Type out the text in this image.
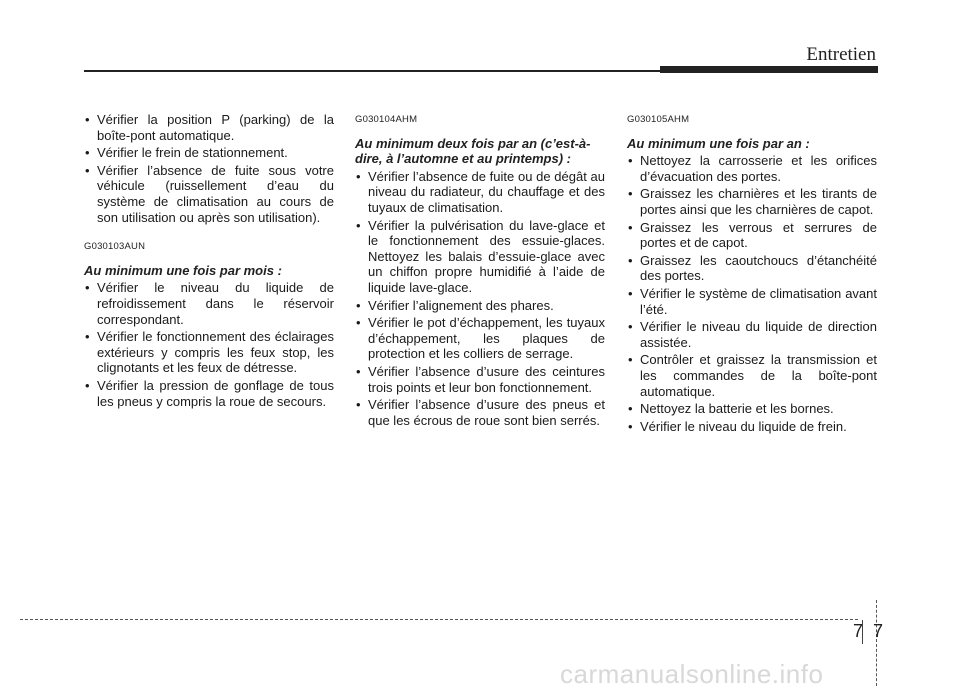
Entretien
• Vérifier la position P (parking) de la boîte-pont automatique.
• Vérifier le frein de stationnement.
• Vérifier l’absence de fuite sous votre véhicule (ruissellement d’eau du système de climatisation au cours de son utilisation ou après son utilisation).
G030103AUN
Au minimum une fois par mois :
• Vérifier le niveau du liquide de refroidissement dans le réservoir correspondant.
• Vérifier le fonctionnement des éclairages extérieurs y compris les feux stop, les clignotants et les feux de détresse.
• Vérifier la pression de gonflage de tous les pneus y compris la roue de secours.
G030104AHM
Au minimum deux fois par an (c’est-à-dire, à l’automne et au printemps) :
• Vérifier l’absence de fuite ou de dégât au niveau du radiateur, du chauffage et des tuyaux de climatisation.
• Vérifier la pulvérisation du lave-glace et le fonctionnement des essuie-glaces. Nettoyez les balais d’essuie-glace avec un chiffon propre humidifié à l’aide de liquide lave-glace.
• Vérifier l’alignement des phares.
• Vérifier le pot d’échappement, les tuyaux d’échappement, les plaques de protection et les colliers de serrage.
• Vérifier l’absence d’usure des ceintures trois points et leur bon fonctionnement.
• Vérifier l’absence d’usure des pneus et que les écrous de roue sont bien serrés.
G030105AHM
Au minimum une fois par an :
• Nettoyez la carrosserie et les orifices d’évacuation des portes.
• Graissez les charnières et les tirants de portes ainsi que les charnières de capot.
• Graissez les verrous et serrures de portes et de capot.
• Graissez les caoutchoucs d’étanchéité des portes.
• Vérifier le système de climatisation avant l’été.
• Vérifier le niveau du liquide de direction assistée.
• Contrôler et graissez la transmission et les commandes de la boîte-pont automatique.
• Nettoyez la batterie et les bornes.
• Vérifier le niveau du liquide de frein.
7 7
carmanualsonline.info
